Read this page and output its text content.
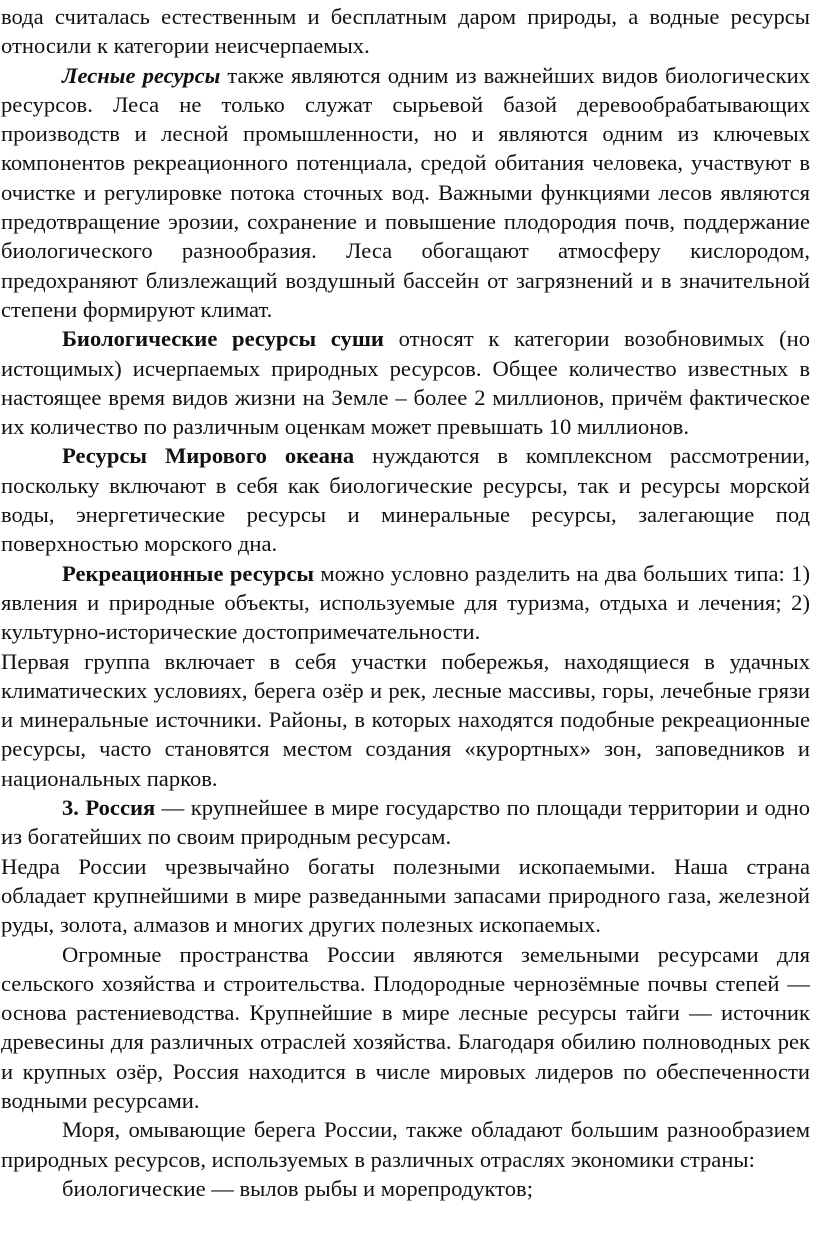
вода считалась естественным и бесплатным даром природы, а водные ресурсы относили к категории неисчерпаемых.

Лесные ресурсы также являются одним из важнейших видов биологических ресурсов. Леса не только служат сырьевой базой деревообрабатывающих производств и лесной промышленности, но и являются одним из ключевых компонентов рекреационного потенциала, средой обитания человека, участвуют в очистке и регулировке потока сточных вод. Важными функциями лесов являются предотвращение эрозии, сохранение и повышение плодородия почв, поддержание биологического разнообразия. Леса обогащают атмосферу кислородом, предохраняют близлежащий воздушный бассейн от загрязнений и в значительной степени формируют климат.

Биологические ресурсы суши относят к категории возобновимых (но истощимых) исчерпаемых природных ресурсов. Общее количество известных в настоящее время видов жизни на Земле – более 2 миллионов, причём фактическое их количество по различным оценкам может превышать 10 миллионов.

Ресурсы Мирового океана нуждаются в комплексном рассмотрении, поскольку включают в себя как биологические ресурсы, так и ресурсы морской воды, энергетические ресурсы и минеральные ресурсы, залегающие под поверхностью морского дна.

Рекреационные ресурсы можно условно разделить на два больших типа: 1) явления и природные объекты, используемые для туризма, отдыха и лечения; 2) культурно-исторические достопримечательности.

Первая группа включает в себя участки побережья, находящиеся в удачных климатических условиях, берега озёр и рек, лесные массивы, горы, лечебные грязи и минеральные источники. Районы, в которых находятся подобные рекреационные ресурсы, часто становятся местом создания «курортных» зон, заповедников и национальных парков.

3. Россия — крупнейшее в мире государство по площади территории и одно из богатейших по своим природным ресурсам.

Недра России чрезвычайно богаты полезными ископаемыми. Наша страна обладает крупнейшими в мире разведанными запасами природного газа, железной руды, золота, алмазов и многих других полезных ископаемых.

Огромные пространства России являются земельными ресурсами для сельского хозяйства и строительства. Плодородные чернозёмные почвы степей — основа растениеводства. Крупнейшие в мире лесные ресурсы тайги — источник древесины для различных отраслей хозяйства. Благодаря обилию полноводных рек и крупных озёр, Россия находится в числе мировых лидеров по обеспеченности водными ресурсами.

Моря, омывающие берега России, также обладают большим разнообразием природных ресурсов, используемых в различных отраслях экономики страны:

биологические — вылов рыбы и морепродуктов;
